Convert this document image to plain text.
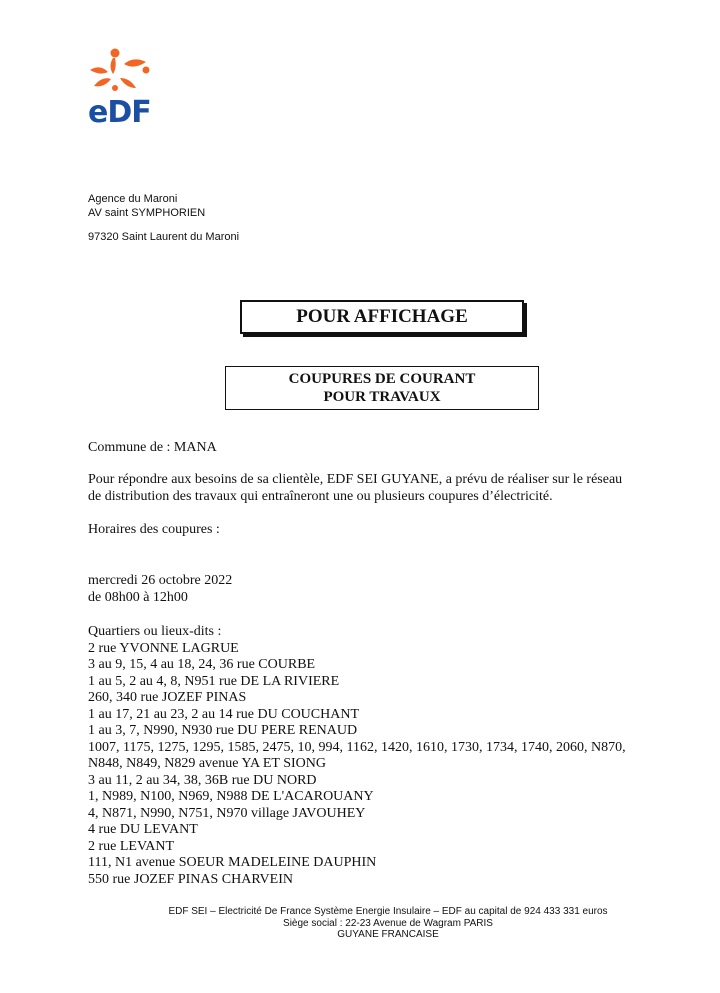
eDF
Agence du Maroni
AV saint SYMPHORIEN
97320 Saint Laurent du Maroni
POUR AFFICHAGE
COUPURES DE COURANT
POUR TRAVAUX
Commune de : MANA
Pour répondre aux besoins de sa clientèle, EDF SEI GUYANE, a prévu de réaliser sur le réseau
de distribution des travaux qui entraîneront une ou plusieurs coupures d’électricité.
Horaires des coupures :
mercredi 26 octobre 2022
de 08h00 à 12h00
Quartiers ou lieux-dits :
2 rue YVONNE LAGRUE
3 au 9, 15, 4 au 18, 24, 36 rue COURBE
1 au 5, 2 au 4, 8, N951 rue DE LA RIVIERE
260, 340 rue JOZEF PINAS
1 au 17, 21 au 23, 2 au 14 rue DU COUCHANT
1 au 3, 7, N990, N930 rue DU PERE RENAUD
1007, 1175, 1275, 1295, 1585, 2475, 10, 994, 1162, 1420, 1610, 1730, 1734, 1740, 2060, N870,
N848, N849, N829 avenue YA ET SIONG
3 au 11, 2 au 34, 38, 36B rue DU NORD
1, N989, N100, N969, N988 DE L'ACAROUANY
4, N871, N990, N751, N970 village JAVOUHEY
4 rue DU LEVANT
2 rue LEVANT
111, N1 avenue SOEUR MADELEINE DAUPHIN
550 rue JOZEF PINAS CHARVEIN
EDF SEI – Electricité De France Système Energie Insulaire – EDF au capital de 924 433 331 euros
Siège social : 22-23 Avenue de Wagram PARIS
GUYANE FRANCAISE
